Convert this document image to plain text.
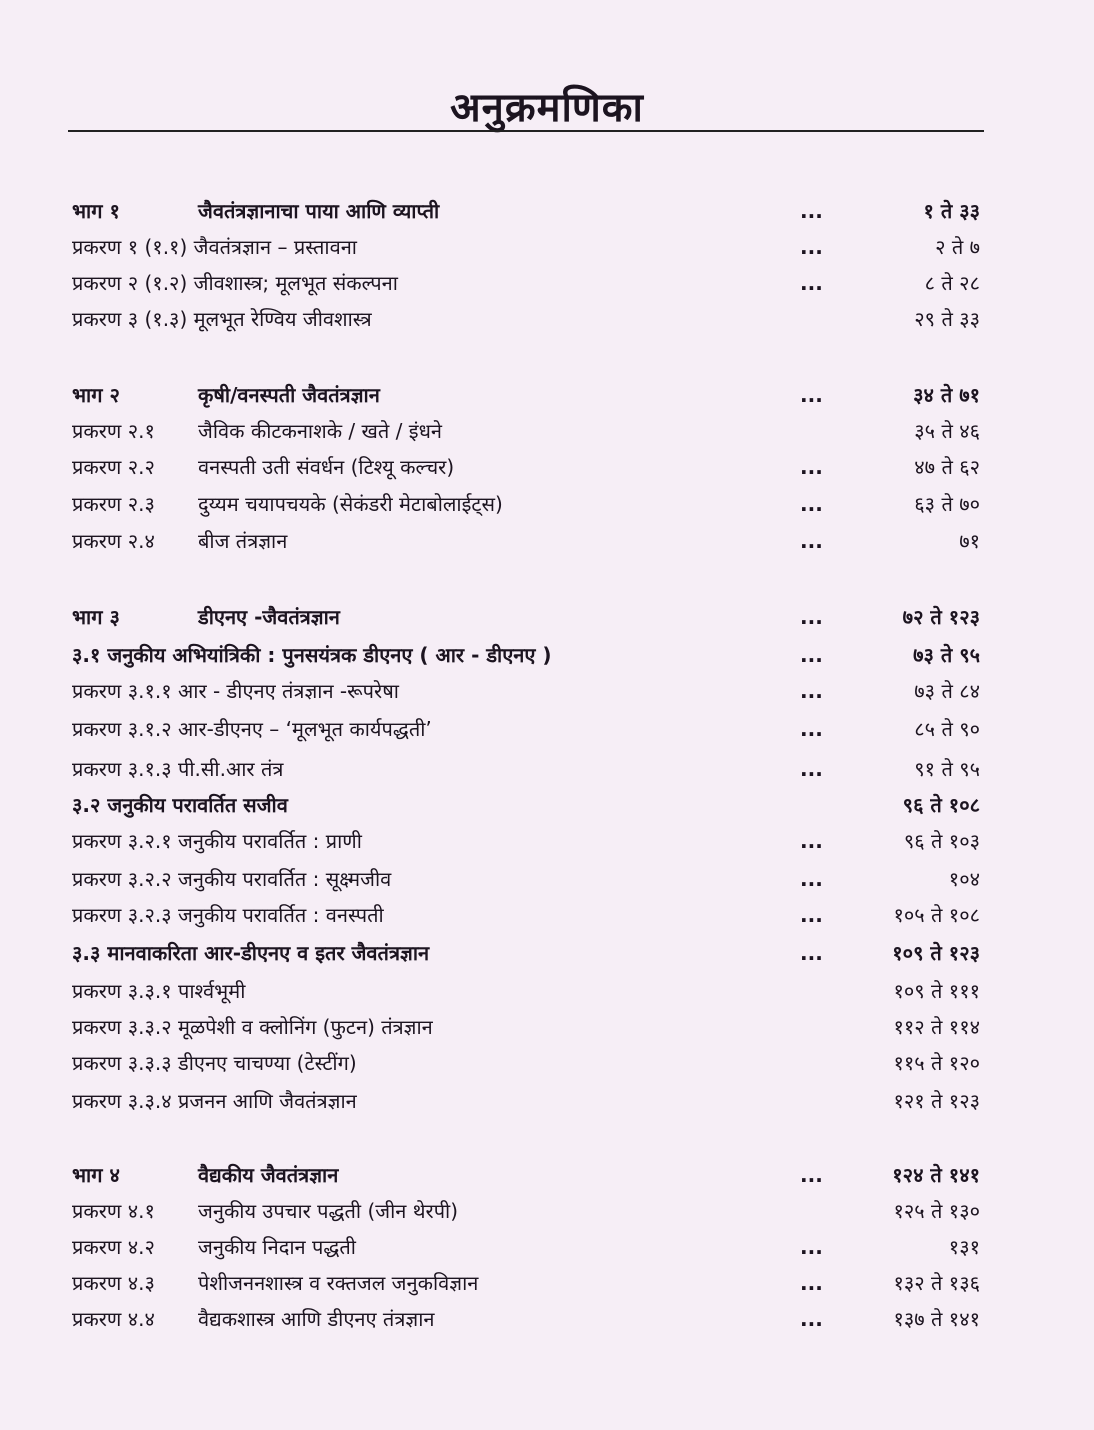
अनुक्रमणिका
भाग १	जैवतंत्रज्ञानाचा पाया आणि व्याप्ती	...	१ ते ३३
प्रकरण १ (१.१) जैवतंत्रज्ञान – प्रस्तावना	...	२ ते ७
प्रकरण २ (१.२) जीवशास्त्र; मूलभूत संकल्पना	...	८ ते २८
प्रकरण ३ (१.३) मूलभूत रेण्विय जीवशास्त्र	२९ ते ३३
भाग २	कृषी/वनस्पती जैवतंत्रज्ञान	...	३४ ते ७१
प्रकरण २.१ जैविक कीटकनाशके / खते / इंधने	३५ ते ४६
प्रकरण २.२ वनस्पती उती संवर्धन (टिश्यू कल्चर)	...	४७ ते ६२
प्रकरण २.३ दुय्यम चयापचयके (सेकंडरी मेटाबोलाईट्स)	...	६३ ते ७०
प्रकरण २.४ बीज तंत्रज्ञान	...	७१
भाग ३	डीएनए -जैवतंत्रज्ञान	...	७२ ते १२३
३.१ जनुकीय अभियांत्रिकी : पुनसयंत्रक डीएनए ( आर - डीएनए )	...	७३ ते ९५
प्रकरण ३.१.१ आर - डीएनए तंत्रज्ञान -रूपरेषा	...	७३ ते ८४
प्रकरण ३.१.२ आर-डीएनए – ‘मूलभूत कार्यपद्धती’	...	८५ ते ९०
प्रकरण ३.१.३ पी.सी.आर तंत्र	...	९१ ते ९५
३.२ जनुकीय परावर्तित सजीव	९६ ते १०८
प्रकरण ३.२.१ जनुकीय परावर्तित : प्राणी	...	९६ ते १०३
प्रकरण ३.२.२ जनुकीय परावर्तित : सूक्ष्मजीव	...	१०४
प्रकरण ३.२.३ जनुकीय परावर्तित : वनस्पती	...	१०५ ते १०८
३.३ मानवाकरिता आर-डीएनए व इतर जैवतंत्रज्ञान	...	१०९ ते १२३
प्रकरण ३.३.१ पार्श्वभूमी	१०९ ते १११
प्रकरण ३.३.२ मूळपेशी व क्लोनिंग (फुटन) तंत्रज्ञान	११२ ते ११४
प्रकरण ३.३.३ डीएनए चाचण्या (टेस्टींग)	११५ ते १२०
प्रकरण ३.३.४ प्रजनन आणि जैवतंत्रज्ञान	१२१ ते १२३
भाग ४	वैद्यकीय जैवतंत्रज्ञान	...	१२४ ते १४१
प्रकरण ४.१ जनुकीय उपचार पद्धती (जीन थेरपी)	१२५ ते १३०
प्रकरण ४.२ जनुकीय निदान पद्धती	...	१३१
प्रकरण ४.३ पेशीजननशास्त्र व रक्तजल जनुकविज्ञान	...	१३२ ते १३६
प्रकरण ४.४ वैद्यकशास्त्र आणि डीएनए तंत्रज्ञान	...	१३७ ते १४१
